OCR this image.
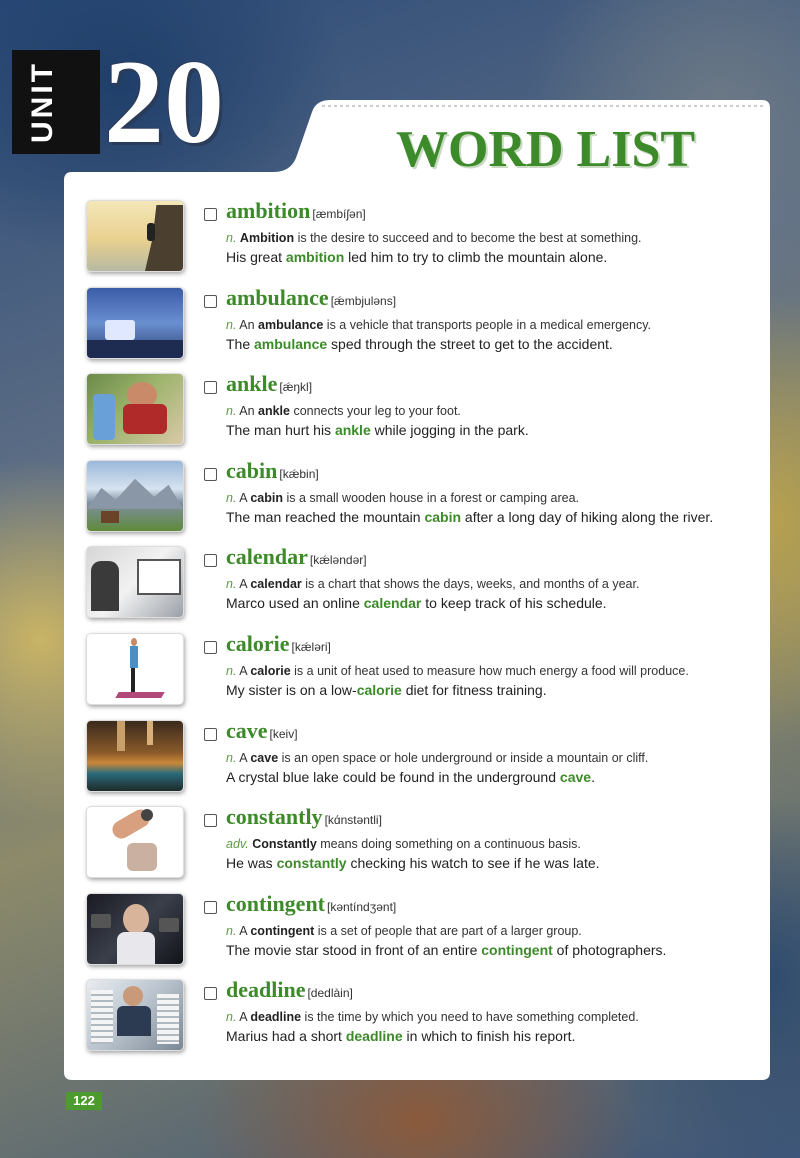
UNIT 20	WORD LIST
ambition [æmbíʃən]
n. Ambition is the desire to succeed and to become the best at something.
His great ambition led him to try to climb the mountain alone.
ambulance [ǽmbjuləns]
n. An ambulance is a vehicle that transports people in a medical emergency.
The ambulance sped through the street to get to the accident.
ankle [ǽŋkl]
n. An ankle connects your leg to your foot.
The man hurt his ankle while jogging in the park.
cabin [kǽbin]
n. A cabin is a small wooden house in a forest or camping area.
The man reached the mountain cabin after a long day of hiking along the river.
calendar [kǽləndər]
n. A calendar is a chart that shows the days, weeks, and months of a year.
Marco used an online calendar to keep track of his schedule.
calorie [kǽləri]
n. A calorie is a unit of heat used to measure how much energy a food will produce.
My sister is on a low-calorie diet for fitness training.
cave [keiv]
n. A cave is an open space or hole underground or inside a mountain or cliff.
A crystal blue lake could be found in the underground cave.
constantly [kɑ́nstəntli]
adv. Constantly means doing something on a continuous basis.
He was constantly checking his watch to see if he was late.
contingent [kəntíndʒənt]
n. A contingent is a set of people that are part of a larger group.
The movie star stood in front of an entire contingent of photographers.
deadline [dedlàin]
n. A deadline is the time by which you need to have something completed.
Marius had a short deadline in which to finish his report.
122
